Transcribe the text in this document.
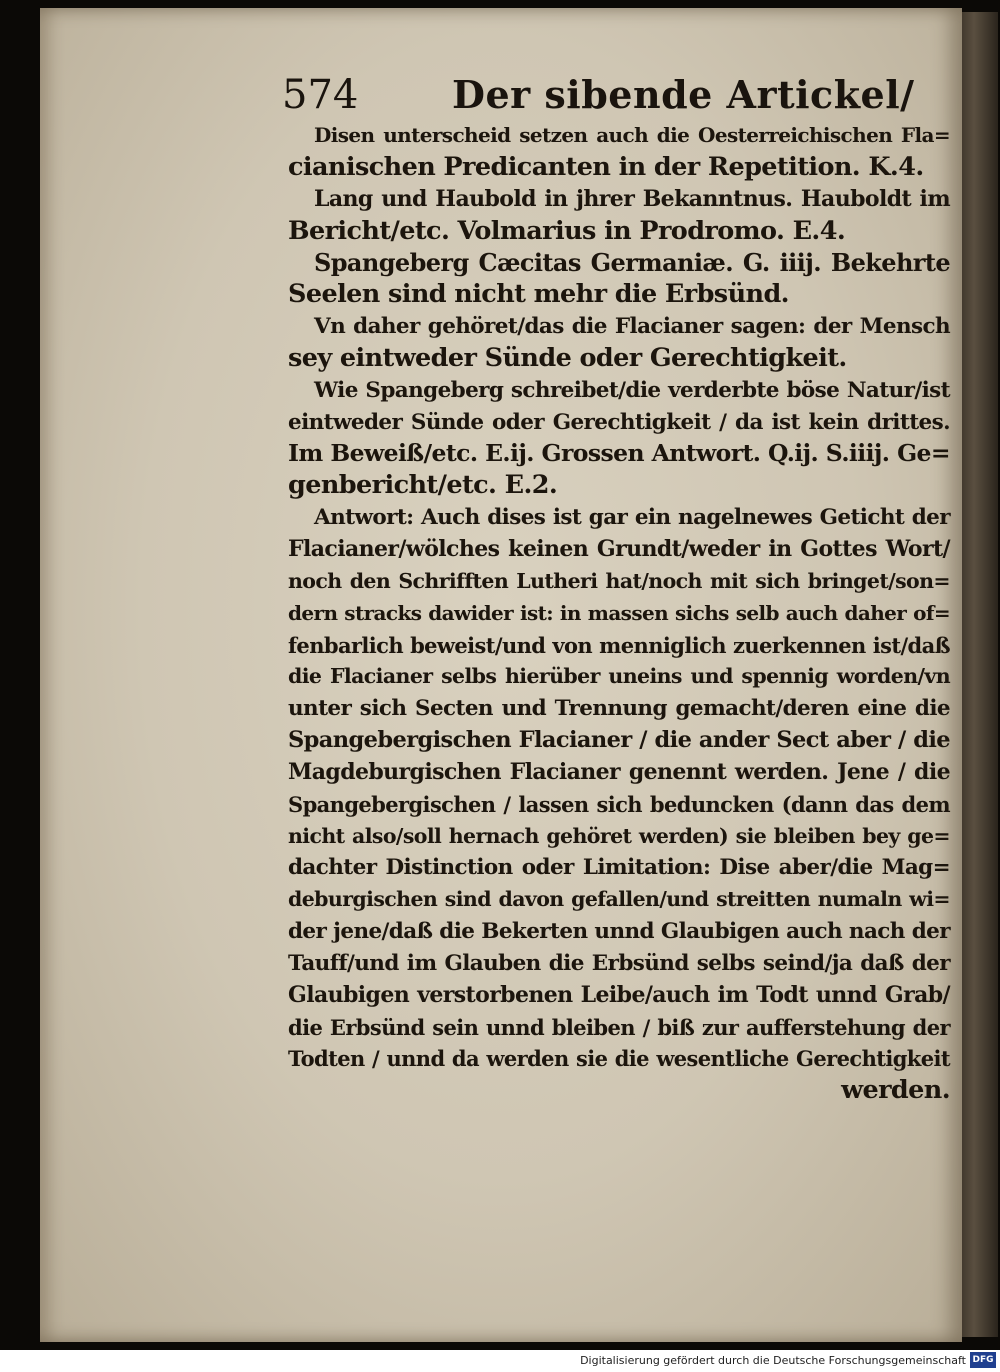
574 Der sibende Artickel/
Disen unterscheid setzen auch die Oesterreichischen Fla=
cianischen Predicanten in der Repetition. K.4.
Lang und Haubold in jhrer Bekanntnus. Hauboldt im
Bericht/etc. Volmarius in Prodromo. E.4.
Spangeberg Cæcitas Germaniæ. G. iiij. Bekehrte
Seelen sind nicht mehr die Erbsünd.
Vn daher gehöret/das die Flacianer sagen: der Mensch
sey eintweder Sünde oder Gerechtigkeit.
Wie Spangeberg schreibet/die verderbte böse Natur/ist
eintweder Sünde oder Gerechtigkeit / da ist kein drittes.
Im Beweiß/etc. E.ij. Grossen Antwort. Q.ij. S.iiij. Ge=
genbericht/etc. E.2.
Antwort: Auch dises ist gar ein nagelnewes Geticht der
Flacianer/wölches keinen Grundt/weder in Gottes Wort/
noch den Schrifften Lutheri hat/noch mit sich bringet/son=
dern stracks dawider ist: in massen sichs selb auch daher of=
fenbarlich beweist/und von menniglich zuerkennen ist/daß
die Flacianer selbs hierüber uneins und spennig worden/vn
unter sich Secten und Trennung gemacht/deren eine die
Spangebergischen Flacianer / die ander Sect aber / die
Magdeburgischen Flacianer genennt werden. Jene / die
Spangebergischen / lassen sich beduncken (dann das dem
nicht also/soll hernach gehöret werden) sie bleiben bey ge=
dachter Distinction oder Limitation: Dise aber/die Mag=
deburgischen sind davon gefallen/und streitten numaln wi=
der jene/daß die Bekerten unnd Glaubigen auch nach der
Tauff/und im Glauben die Erbsünd selbs seind/ja daß der
Glaubigen verstorbenen Leibe/auch im Todt unnd Grab/
die Erbsünd sein unnd bleiben / biß zur aufferstehung der
Todten / unnd da werden sie die wesentliche Gerechtigkeit
werden.
Digitalisierung gefördert durch die Deutsche Forschungsgemeinschaft DFG
